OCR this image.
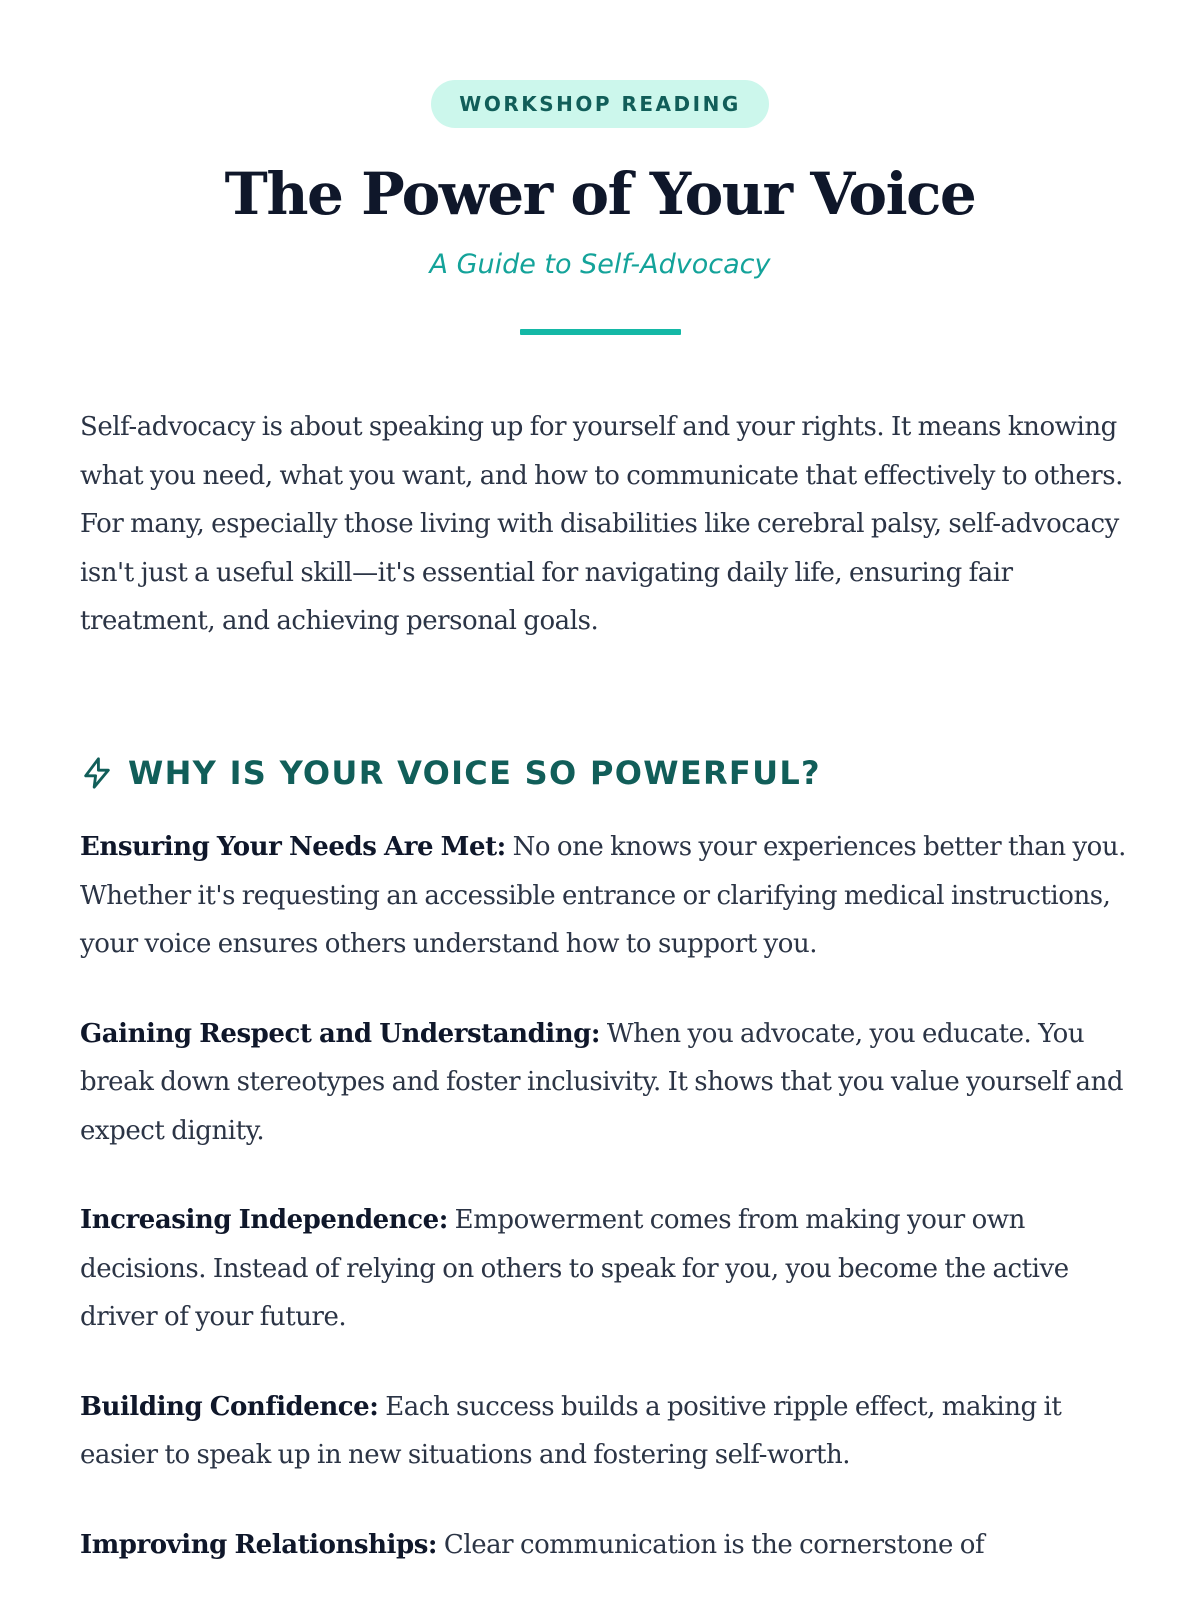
WORKSHOP READING
The Power of Your Voice

A Guide to Self-Advocacy

Self-advocacy is about speaking up for yourself and your rights. It means knowing what you need, what you want, and how to communicate that effectively to others. For many, especially those living with disabilities like cerebral palsy, self-advocacy isn't just a useful skill—it's essential for navigating daily life, ensuring fair treatment, and achieving personal goals.

WHY IS YOUR VOICE SO POWERFUL?

Ensuring Your Needs Are Met: No one knows your experiences better than you. Whether it's requesting an accessible entrance or clarifying medical instructions, your voice ensures others understand how to support you.

Gaining Respect and Understanding: When you advocate, you educate. You break down stereotypes and foster inclusivity. It shows that you value yourself and expect dignity.

Increasing Independence: Empowerment comes from making your own decisions. Instead of relying on others to speak for you, you become the active driver of your future.

Building Confidence: Each success builds a positive ripple effect, making it easier to speak up in new situations and fostering self-worth.

Improving Relationships: Clear communication is the cornerstone of
